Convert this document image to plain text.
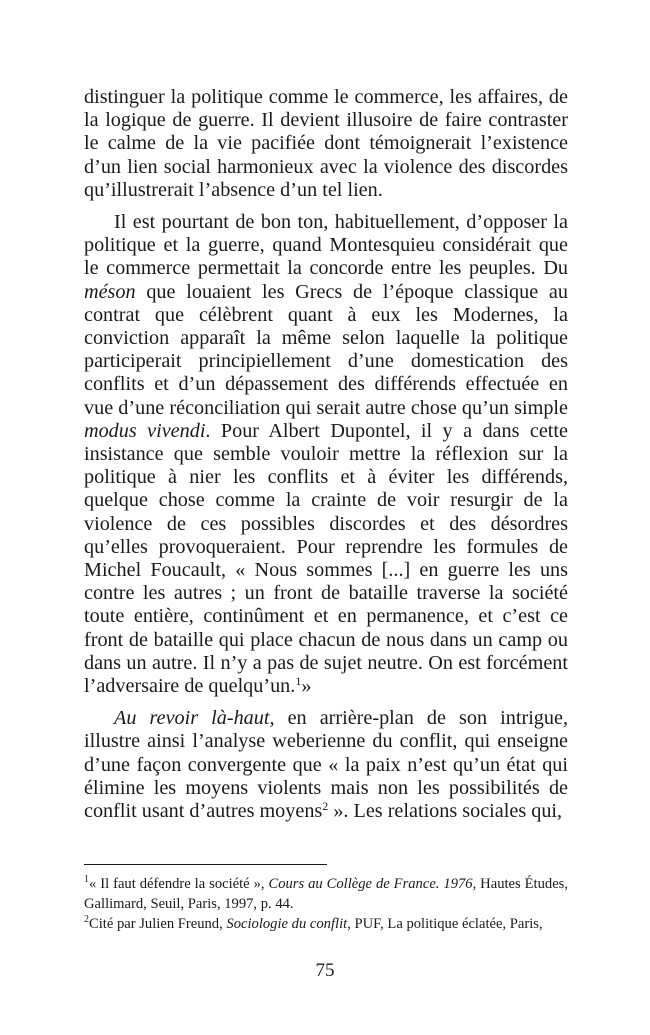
distinguer la politique comme le commerce, les affaires, de la logique de guerre. Il devient illusoire de faire contraster le calme de la vie pacifiée dont témoignerait l’existence d’un lien social harmonieux avec la violence des discordes qu’illustrerait l’absence d’un tel lien.

Il est pourtant de bon ton, habituellement, d’opposer la politique et la guerre, quand Montesquieu considérait que le commerce permettait la concorde entre les peuples. Du méson que louaient les Grecs de l’époque classique au contrat que célèbrent quant à eux les Modernes, la conviction apparaît la même selon laquelle la politique participerait principiellement d’une domestication des conflits et d’un dépassement des différends effectuée en vue d’une réconciliation qui serait autre chose qu’un simple modus vivendi. Pour Albert Dupontel, il y a dans cette insistance que semble vouloir mettre la réflexion sur la politique à nier les conflits et à éviter les différends, quelque chose comme la crainte de voir resurgir de la violence de ces possibles discordes et des désordres qu’elles provoqueraient. Pour reprendre les formules de Michel Foucault, « Nous sommes [...] en guerre les uns contre les autres ; un front de bataille traverse la société toute entière, continûment et en permanence, et c’est ce front de bataille qui place chacun de nous dans un camp ou dans un autre. Il n’y a pas de sujet neutre. On est forcément l’adversaire de quelqu’un.$^1$»

Au revoir là-haut, en arrière-plan de son intrigue, illustre ainsi l’analyse weberienne du conflit, qui enseigne d’une façon convergente que « la paix n’est qu’un état qui élimine les moyens violents mais non les possibilités de conflit usant d’autres moyens$^2$ ». Les relations sociales qui,

$^1$« Il faut défendre la société », Cours au Collège de France. 1976, Hautes Études, Gallimard, Seuil, Paris, 1997, p. 44.

$^2$Cité par Julien Freund, Sociologie du conflit, PUF, La politique éclatée, Paris,

75
